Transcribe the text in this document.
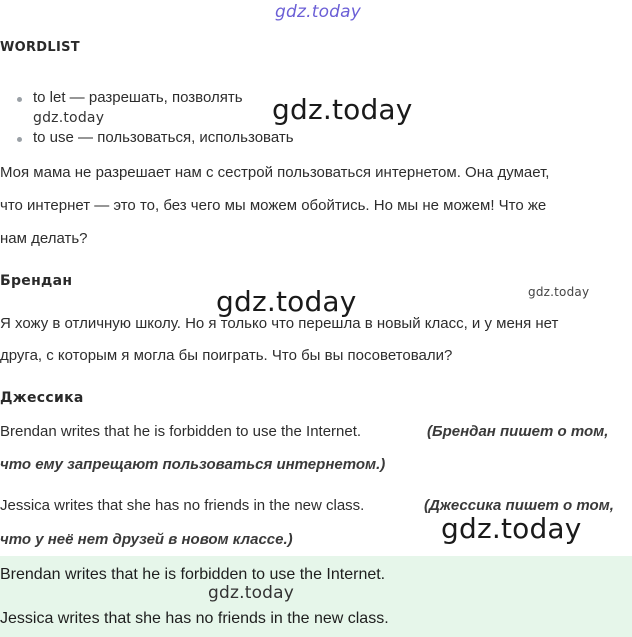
gdz.today
WORDLIST
to let — разрешать, позволять
gdz.today	gdz.today
to use — пользоваться, использовать
Моя мама не разрешает нам с сестрой пользоваться интернетом. Она думает,
что интернет — это то, без чего мы можем обойтись. Но мы не можем! Что же
нам делать?
Брендан
gdz.today	gdz.today
Я хожу в отличную школу. Но я только что перешла в новый класс, и у меня нет
друга, с которым я могла бы поиграть. Что бы вы посоветовали?
Джессика
Brendan writes that he is forbidden to use the Internet.	(Брендан пишет о том,
что ему запрещают пользоваться интернетом.)
Jessica writes that she has no friends in the new class.	(Джессика пишет о том,
что у неё нет друзей в новом классе.)	gdz.today
Brendan writes that he is forbidden to use the Internet.
gdz.today
Jessica writes that she has no friends in the new class.
